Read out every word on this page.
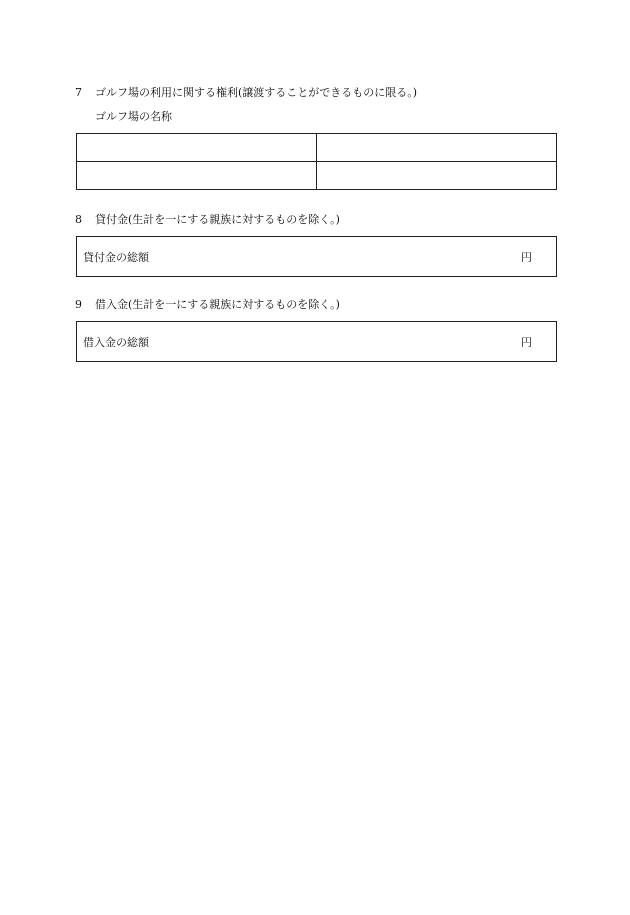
7 ゴルフ場の利用に関する権利(譲渡することができるものに限る。)
ゴルフ場の名称

8 貸付金(生計を一にする親族に対するものを除く。)
貸付金の総額	円
9 借入金(生計を一にする親族に対するものを除く。)
借入金の総額	円
